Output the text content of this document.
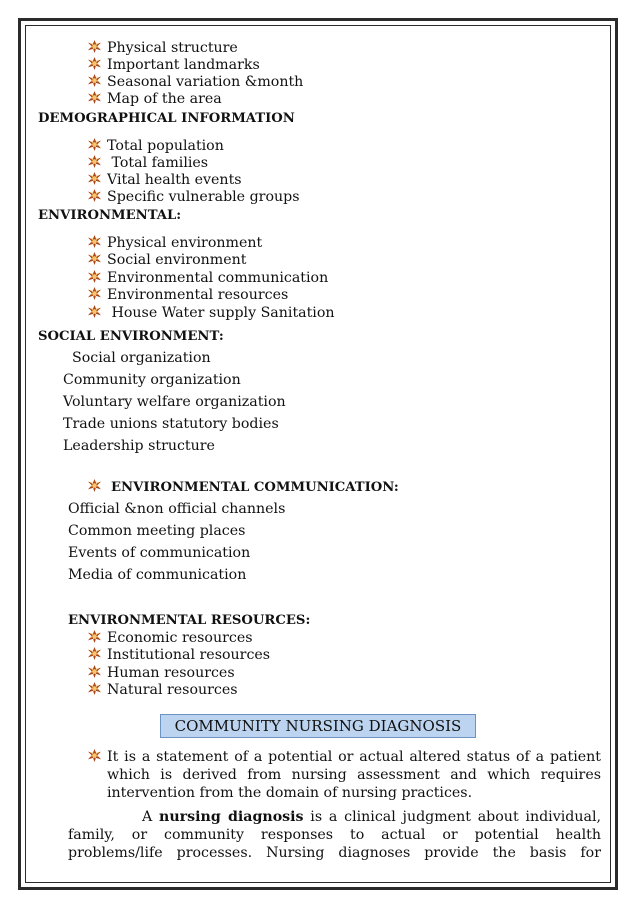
Physical structure
Important landmarks
Seasonal variation &month
Map of the area
DEMOGRAPHICAL INFORMATION
Total population
Total families
Vital health events
Specific vulnerable groups
ENVIRONMENTAL:
Physical environment
Social environment
Environmental communication
Environmental resources
House Water supply Sanitation
SOCIAL ENVIRONMENT:
Social organization
Community organization
Voluntary welfare organization
Trade unions statutory bodies
Leadership structure
ENVIRONMENTAL COMMUNICATION:
Official &non official channels
Common meeting places
Events of communication
Media of communication
ENVIRONMENTAL RESOURCES:
Economic resources
Institutional resources
Human resources
Natural resources
COMMUNITY NURSING DIAGNOSIS
It is a statement of a potential or actual altered status of a patient
which is derived from nursing assessment and which requires
intervention from the domain of nursing practices.
A nursing diagnosis is a clinical judgment about individual,
family, or community responses to actual or potential health
problems/life processes. Nursing diagnoses provide the basis for
